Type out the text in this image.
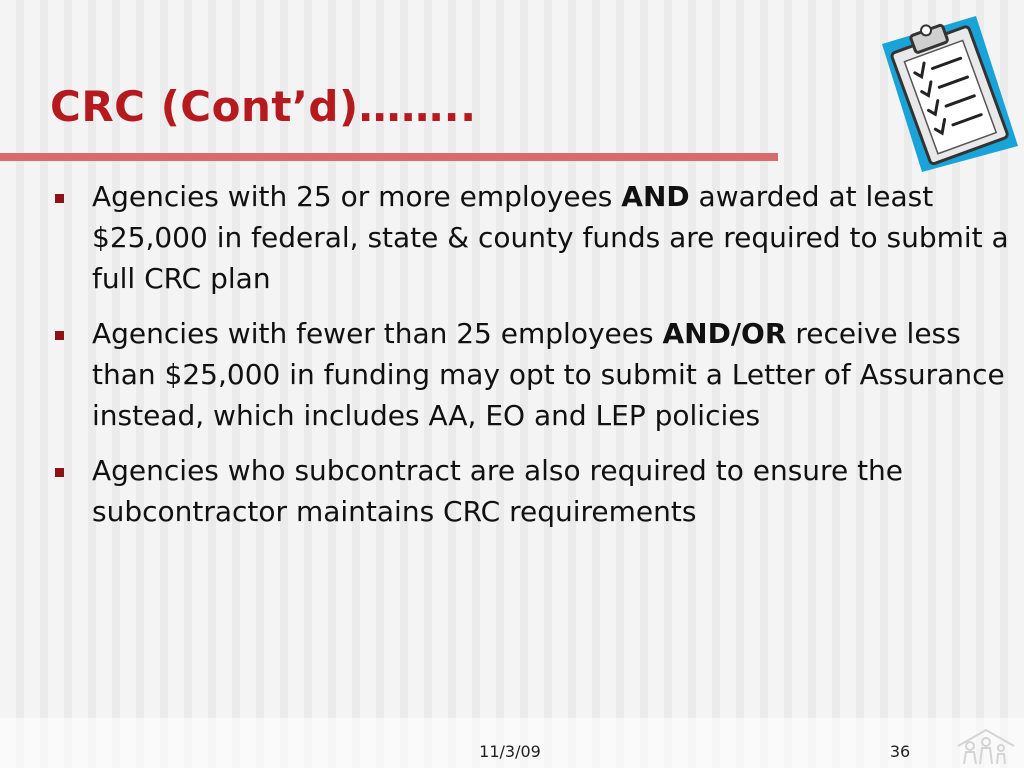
CRC (Cont’d)……..
Agencies with 25 or more employees AND awarded at least $25,000 in federal, state & county funds are required to submit a full CRC plan
Agencies with fewer than 25 employees AND/OR receive less than $25,000 in funding may opt to submit a Letter of Assurance instead, which includes AA, EO and LEP policies
Agencies who subcontract are also required to ensure the subcontractor maintains CRC requirements
11/3/09	36
